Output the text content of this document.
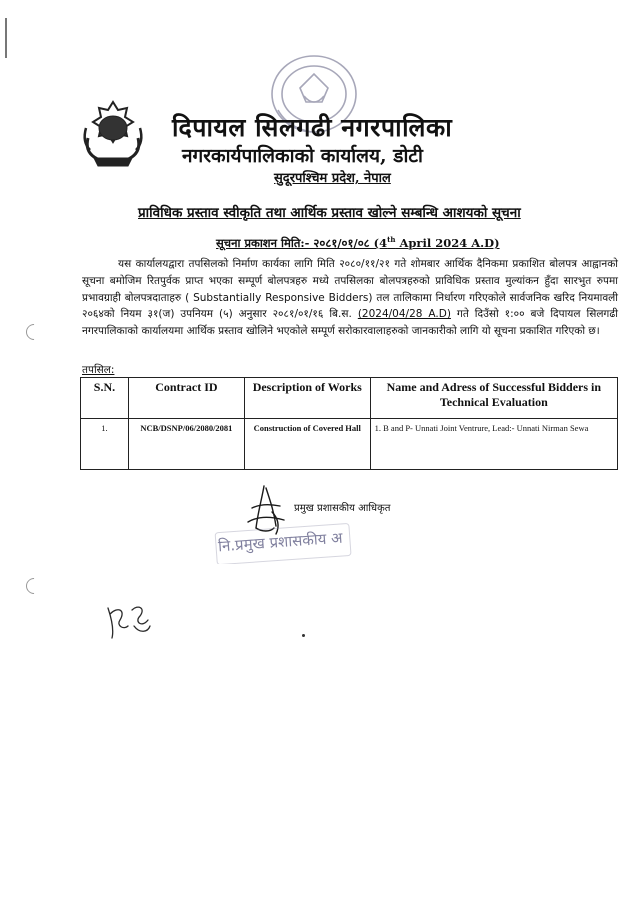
दिपायल सिलगढी नगरपालिका
नगरकार्यपालिकाको कार्यालय, डोटी
सुदूरपश्चिम प्रदेश, नेपाल
प्राविधिक प्रस्ताव स्वीकृति तथा आर्थिक प्रस्ताव खोल्ने सम्बन्धि आशयको सूचना
सूचना प्रकाशन मिति:- २०८१/०१/०८ (4th April 2024 A.D)
यस कार्यालयद्वारा तपसिलको निर्माण कार्यका लागि मिति २०८०/११/२१ गते शोमबार आर्थिक दैनिकमा प्रकाशित बोलपत्र आह्वानको सूचना बमोजिम रितपुर्वक प्राप्त भएका सम्पूर्ण बोलपत्रहरु मध्ये तपसिलका बोलपत्रहरुको प्राविधिक प्रस्ताव मुल्यांकन हुँदा सारभुत रुपमा प्रभावग्राही बोलपत्रदाताहरु ( Substantially Responsive Bidders) तल तालिकामा निर्धारण गरिएकोले सार्वजनिक खरिद नियमावली २०६४को नियम ३१(ज) उपनियम (५) अनुसार २०८१/०१/१६ बि.स. (2024/04/28 A.D) गते दिउँसो १:०० बजे दिपायल सिलगढी नगरपालिकाको कार्यालयमा आर्थिक प्रस्ताव खोलिने भएकोले सम्पूर्ण सरोकारवालाहरुको जानकारीको लागि यो सूचना प्रकाशित गरिएको छ।
तपसिल:
S.N.	Contract ID	Description of Works	Name and Adress of Successful Bidders in Technical Evaluation
1.	NCB/DSNP/06/2080/2081	Construction of Covered Hall	1. B and P- Unnati Joint Ventrure, Lead:- Unnati Nirman Sewa
प्रमुख प्रशासकीय आधिकृत
नि.प्रमुख प्रशासकीय अ
